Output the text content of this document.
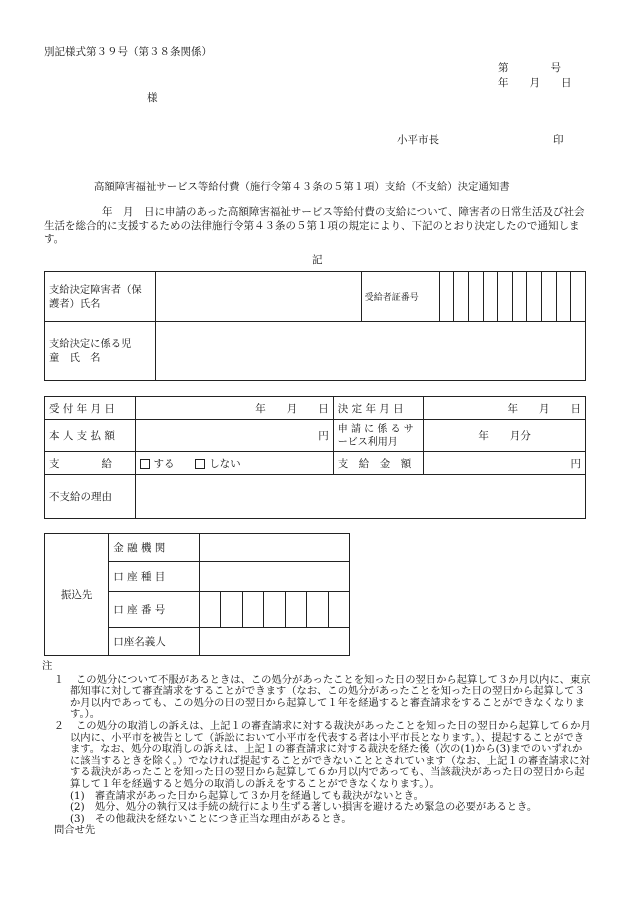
別記様式第３９号（第３８条関係）
第　　　　号
年　　月　　日
様
小平市長	印
高額障害福祉サービス等給付費（施行令第４３条の５第１項）支給（不支給）決定通知書
年　月　日に申請のあった高額障害福祉サービス等給付費の支給について、障害者の日常生活及び社会生活を総合的に支援するための法律施行令第４３条の５第１項の規定により、下記のとおり決定したので通知します。
記
支給決定障害者（保護者）氏名		受給者証番号										
支給決定に係る児　童　氏　名												
受 付 年 月 日	年　　月　　日	決 定 年 月 日	年　　月　　日
本 人 支 払 額	円	申 請 に 係 る サービス利用月	年　　月分
支　　　　給	する しない	支　給　金　額	円
不支給の理由			
振込先	金 融 機 関							
	口 座 種 目							
	口 座 番 号							
	口座名義人							
注
１	この処分について不服があるときは、この処分があったことを知った日の翌日から起算して３か月以内に、東京都知事に対して審査請求をすることができます（なお、この処分があったことを知った日の翌日から起算して３か月以内であっても、この処分の日の翌日から起算して１年を経過すると審査請求をすることができなくなります。）。
２	この処分の取消しの訴えは、上記１の審査請求に対する裁決があったことを知った日の翌日から起算して６か月以内に、小平市を被告として（訴訟において小平市を代表する者は小平市長となります。）、提起することができます。なお、処分の取消しの訴えは、上記１の審査請求に対する裁決を経た後（次の(1)から(3)までのいずれかに該当するときを除く。）でなければ提起することができないこととされています（なお、上記１の審査請求に対する裁決があったことを知った日の翌日から起算して６か月以内であっても、当該裁決があった日の翌日から起算して１年を経過すると処分の取消しの訴えをすることができなくなります。）。
(1)　審査請求があった日から起算して３か月を経過しても裁決がないとき。
(2)　処分、処分の執行又は手続の続行により生ずる著しい損害を避けるため緊急の必要があるとき。
(3)　その他裁決を経ないことにつき正当な理由があるとき。
問合せ先
